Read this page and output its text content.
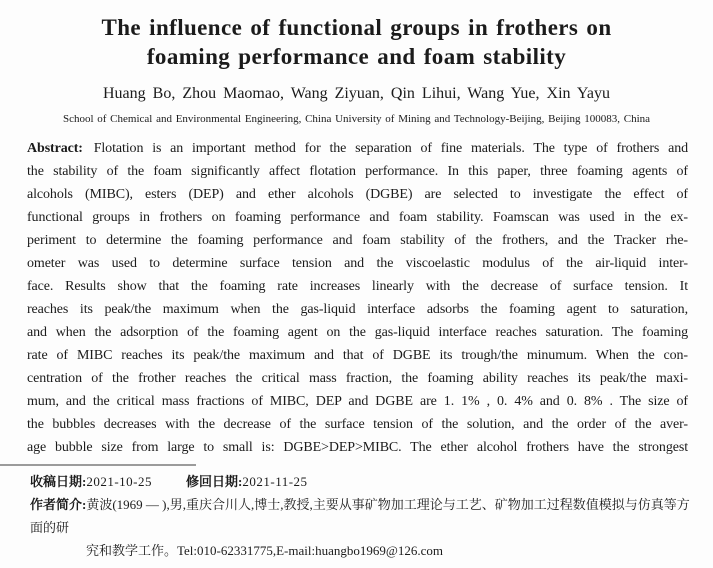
The influence of functional groups in frothers on
foaming performance and foam stability
Huang Bo, Zhou Maomao, Wang Ziyuan, Qin Lihui, Wang Yue, Xin Yayu
School of Chemical and Environmental Engineering, China University of Mining and Technology-Beijing, Beijing 100083, China
Abstract: Flotation is an important method for the separation of fine materials. The type of frothers and
the stability of the foam significantly affect flotation performance. In this paper, three foaming agents of
alcohols (MIBC), esters (DEP) and ether alcohols (DGBE) are selected to investigate the effect of
functional groups in frothers on foaming performance and foam stability. Foamscan was used in the ex-
periment to determine the foaming performance and foam stability of the frothers, and the Tracker rhe-
ometer was used to determine surface tension and the viscoelastic modulus of the air-liquid inter-
face. Results show that the foaming rate increases linearly with the decrease of surface tension. It
reaches its peak/the maximum when the gas-liquid interface adsorbs the foaming agent to saturation,
and when the adsorption of the foaming agent on the gas-liquid interface reaches saturation. The foaming
rate of MIBC reaches its peak/the maximum and that of DGBE its trough/the minumum. When the con-
centration of the frother reaches the critical mass fraction, the foaming ability reaches its peak/the maxi-
mum, and the critical mass fractions of MIBC, DEP and DGBE are 1. 1% , 0. 4% and 0. 8% . The size of
the bubbles decreases with the decrease of the surface tension of the solution, and the order of the aver-
age bubble size from large to small is: DGBE>DEP>MIBC. The ether alcohol frothers have the strongest
收稿日期:2021-10-25	修回日期:2021-11-25
作者简介:黄波(1969 — ),男,重庆合川人,博士,教授,主要从事矿物加工理论与工艺、矿物加工过程数值模拟与仿真等方面的研
究和教学工作。Tel:010-62331775,E-mail:huangbo1969@126.com
